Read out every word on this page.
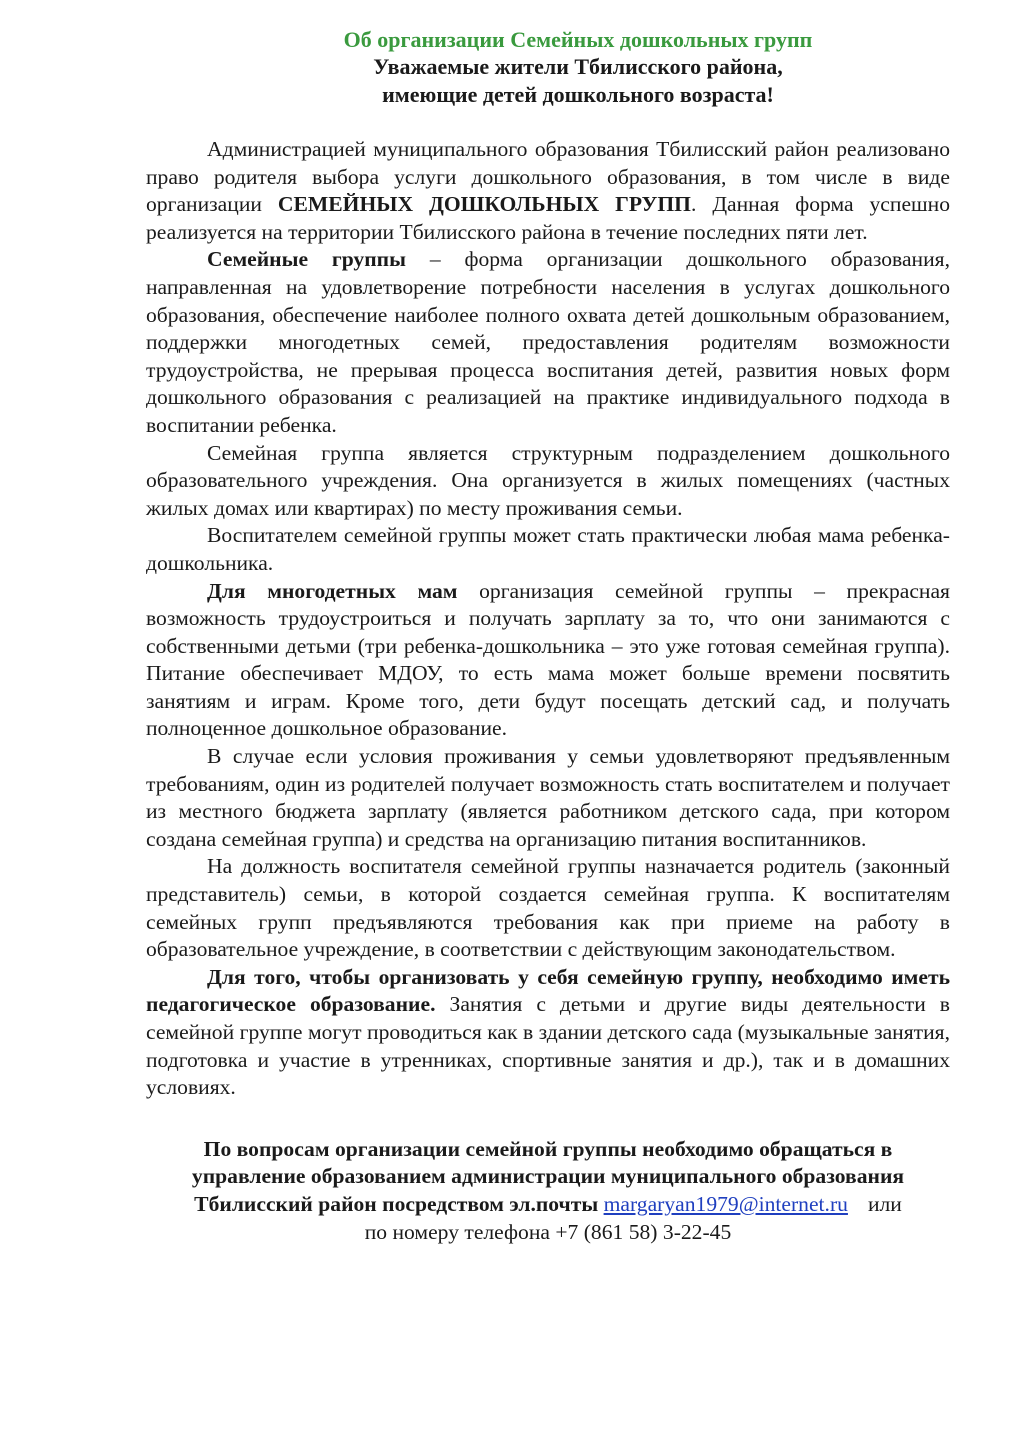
Об организации Семейных дошкольных групп
Уважаемые жители Тбилисского района,
имеющие детей дошкольного возраста!

Администрацией муниципального образования Тбилисский район реализовано право родителя выбора услуги дошкольного образования, в том числе в виде организации СЕМЕЙНЫХ ДОШКОЛЬНЫХ ГРУПП. Данная форма успешно реализуется на территории Тбилисского района в течение последних пяти лет.

Семейные группы – форма организации дошкольного образования, направленная на удовлетворение потребности населения в услугах дошкольного образования, обеспечение наиболее полного охвата детей дошкольным образованием, поддержки многодетных семей, предоставления родителям возможности трудоустройства, не прерывая процесса воспитания детей, развития новых форм дошкольного образования с реализацией на практике индивидуального подхода в воспитании ребенка.

Семейная группа является структурным подразделением дошкольного образовательного учреждения. Она организуется в жилых помещениях (частных жилых домах или квартирах) по месту проживания семьи.

Воспитателем семейной группы может стать практически любая мама ребенка-дошкольника.

Для многодетных мам организация семейной группы – прекрасная возможность трудоустроиться и получать зарплату за то, что они занимаются с собственными детьми (три ребенка-дошкольника – это уже готовая семейная группа). Питание обеспечивает МДОУ, то есть мама может больше времени посвятить занятиям и играм. Кроме того, дети будут посещать детский сад, и получать полноценное дошкольное образование.

В случае если условия проживания у семьи удовлетворяют предъявленным требованиям, один из родителей получает возможность стать воспитателем и получает из местного бюджета зарплату (является работником детского сада, при котором создана семейная группа) и средства на организацию питания воспитанников.

На должность воспитателя семейной группы назначается родитель (законный представитель) семьи, в которой создается семейная группа. К воспитателям семейных групп предъявляются требования как при приеме на работу в образовательное учреждение, в соответствии с действующим законодательством.

Для того, чтобы организовать у себя семейную группу, необходимо иметь педагогическое образование. Занятия с детьми и другие виды деятельности в семейной группе могут проводиться как в здании детского сада (музыкальные занятия, подготовка и участие в утренниках, спортивные занятия и др.), так и в домашних условиях.

По вопросам организации семейной группы необходимо обращаться в управление образованием администрации муниципального образования Тбилисский район посредством эл.почты margaryan1979@internet.ru или
по номеру телефона +7 (861 58) 3-22-45
